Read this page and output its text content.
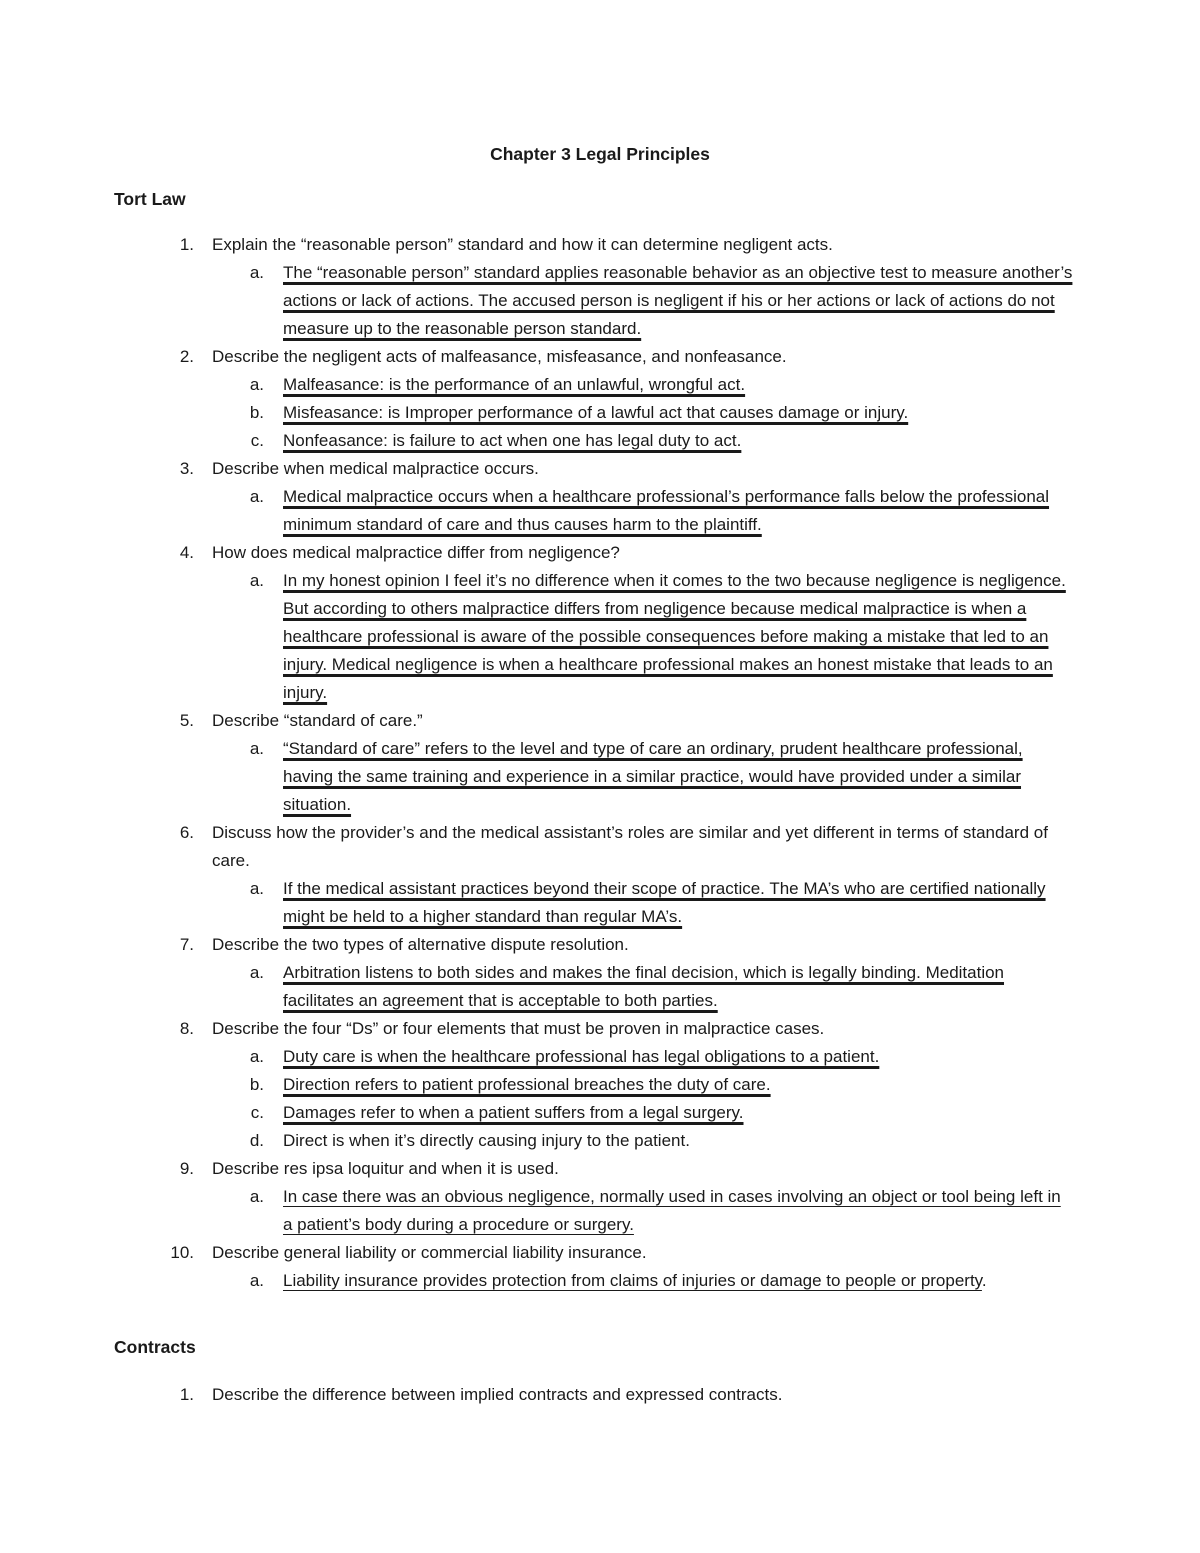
Chapter 3 Legal Principles
Tort Law
1. Explain the “reasonable person” standard and how it can determine negligent acts.
a. The “reasonable person” standard applies reasonable behavior as an objective test to measure another’s actions or lack of actions. The accused person is negligent if his or her actions or lack of actions do not measure up to the reasonable person standard.
2. Describe the negligent acts of malfeasance, misfeasance, and nonfeasance.
a. Malfeasance: is the performance of an unlawful, wrongful act.
b. Misfeasance: is Improper performance of a lawful act that causes damage or injury.
c. Nonfeasance: is failure to act when one has legal duty to act.
3. Describe when medical malpractice occurs.
a. Medical malpractice occurs when a healthcare professional’s performance falls below the professional minimum standard of care and thus causes harm to the plaintiff.
4. How does medical malpractice differ from negligence?
a. In my honest opinion I feel it’s no difference when it comes to the two because negligence is negligence. But according to others malpractice differs from negligence because medical malpractice is when a healthcare professional is aware of the possible consequences before making a mistake that led to an injury. Medical negligence is when a healthcare professional makes an honest mistake that leads to an injury.
5. Describe “standard of care.”
a. “Standard of care” refers to the level and type of care an ordinary, prudent healthcare professional, having the same training and experience in a similar practice, would have provided under a similar situation.
6. Discuss how the provider’s and the medical assistant’s roles are similar and yet different in terms of standard of care.
a. If the medical assistant practices beyond their scope of practice. The MA’s who are certified nationally might be held to a higher standard than regular MA’s.
7. Describe the two types of alternative dispute resolution.
a. Arbitration listens to both sides and makes the final decision, which is legally binding. Meditation facilitates an agreement that is acceptable to both parties.
8. Describe the four “Ds” or four elements that must be proven in malpractice cases.
a. Duty care is when the healthcare professional has legal obligations to a patient.
b. Direction refers to patient professional breaches the duty of care.
c. Damages refer to when a patient suffers from a legal surgery.
d. Direct is when it’s directly causing injury to the patient.
9. Describe res ipsa loquitur and when it is used.
a. In case there was an obvious negligence, normally used in cases involving an object or tool being left in a patient’s body during a procedure or surgery.
10. Describe general liability or commercial liability insurance.
a. Liability insurance provides protection from claims of injuries or damage to people or property.
Contracts
1. Describe the difference between implied contracts and expressed contracts.
